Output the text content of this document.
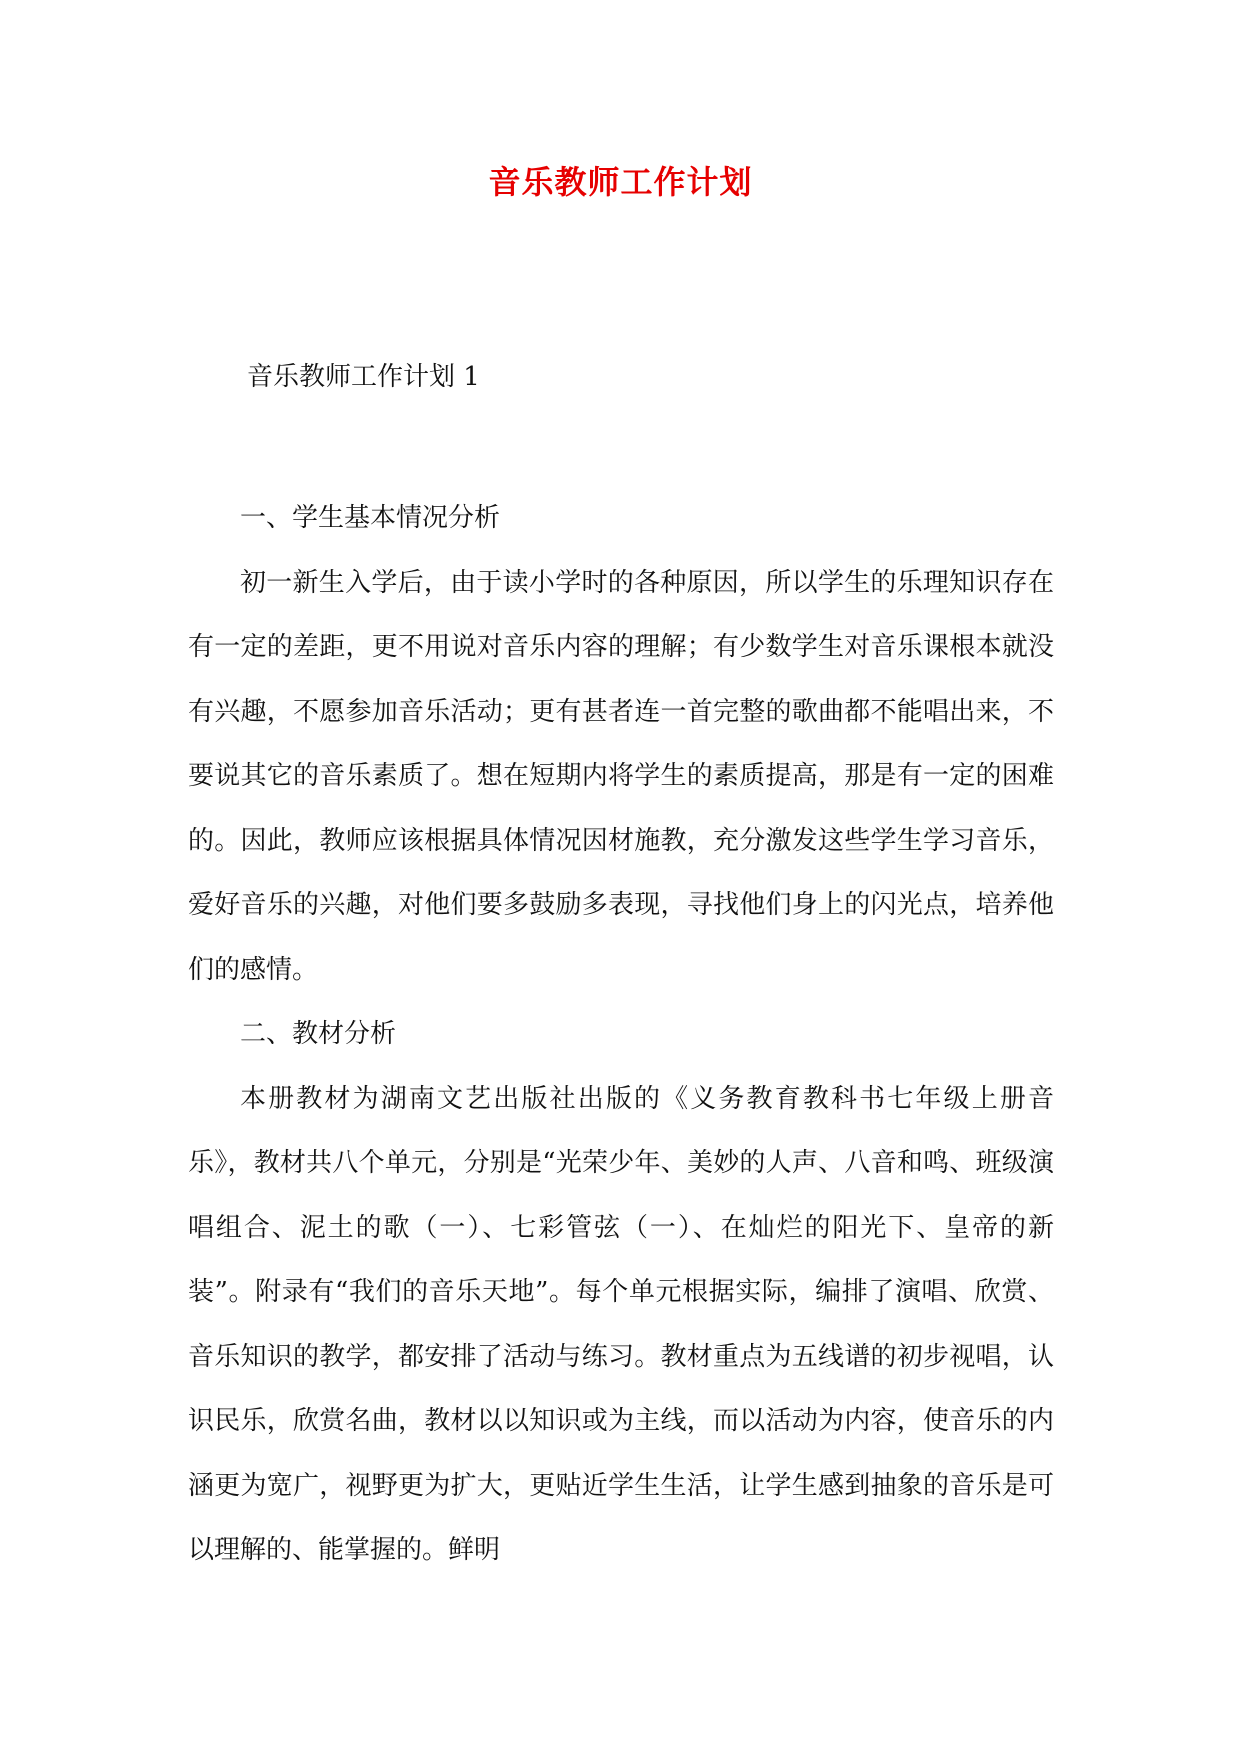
音乐教师工作计划

音乐教师工作计划 1

一、学生基本情况分析

初一新生入学后，由于读小学时的各种原因，所以学生的乐理知识存在有一定的差距，更不用说对音乐内容的理解；有少数学生对音乐课根本就没有兴趣，不愿参加音乐活动；更有甚者连一首完整的歌曲都不能唱出来，不要说其它的音乐素质了。想在短期内将学生的素质提高，那是有一定的困难的。因此，教师应该根据具体情况因材施教，充分激发这些学生学习音乐，爱好音乐的兴趣，对他们要多鼓励多表现，寻找他们身上的闪光点，培养他们的感情。

二、教材分析

本册教材为湖南文艺出版社出版的《义务教育教科书七年级上册音乐》，教材共八个单元，分别是“光荣少年、美妙的人声、八音和鸣、班级演唱组合、泥土的歌（一）、七彩管弦（一）、在灿烂的阳光下、皇帝的新装”。附录有“我们的音乐天地”。每个单元根据实际，编排了演唱、欣赏、音乐知识的教学，都安排了活动与练习。教材重点为五线谱的初步视唱，认识民乐，欣赏名曲，教材以以知识或为主线，而以活动为内容，使音乐的内涵更为宽广，视野更为扩大，更贴近学生生活，让学生感到抽象的音乐是可以理解的、能掌握的。鲜明
